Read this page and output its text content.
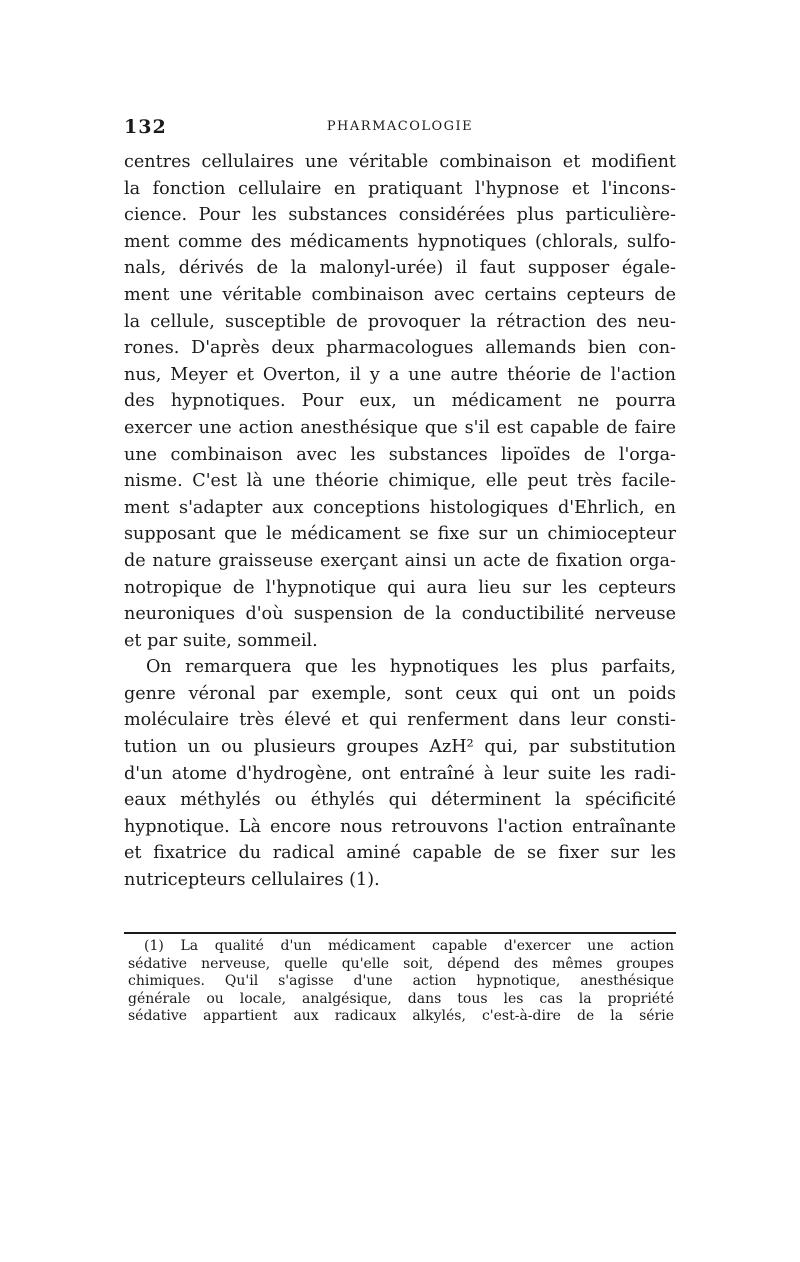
132	PHARMACOLOGIE
centres cellulaires une véritable combinaison et modifient
la fonction cellulaire en pratiquant l'hypnose et l'incons-
cience. Pour les substances considérées plus particulière-
ment comme des médicaments hypnotiques (chlorals, sulfo-
nals, dérivés de la malonyl-urée) il faut supposer égale-
ment une véritable combinaison avec certains cepteurs de
la cellule, susceptible de provoquer la rétraction des neu-
rones. D'après deux pharmacologues allemands bien con-
nus, Meyer et Overton, il y a une autre théorie de l'action
des hypnotiques. Pour eux, un médicament ne pourra
exercer une action anesthésique que s'il est capable de faire
une combinaison avec les substances lipoïdes de l'orga-
nisme. C'est là une théorie chimique, elle peut très facile-
ment s'adapter aux conceptions histologiques d'Ehrlich, en
supposant que le médicament se fixe sur un chimiocepteur
de nature graisseuse exerçant ainsi un acte de fixation orga-
notropique de l'hypnotique qui aura lieu sur les cepteurs
neuroniques d'où suspension de la conductibilité nerveuse
et par suite, sommeil.
On remarquera que les hypnotiques les plus parfaits,
genre véronal par exemple, sont ceux qui ont un poids
moléculaire très élevé et qui renferment dans leur consti-
tution un ou plusieurs groupes AzH² qui, par substitution
d'un atome d'hydrogène, ont entraîné à leur suite les radi-
eaux méthylés ou éthylés qui déterminent la spécificité
hypnotique. Là encore nous retrouvons l'action entraînante
et fixatrice du radical aminé capable de se fixer sur les
nutricepteurs cellulaires (1).
(1) La qualité d'un médicament capable d'exercer une action
sédative nerveuse, quelle qu'elle soit, dépend des mêmes groupes
chimiques. Qu'il s'agisse d'une action hypnotique, anesthésique
générale ou locale, analgésique, dans tous les cas la propriété
sédative appartient aux radicaux alkylés, c'est-à-dire de la série
